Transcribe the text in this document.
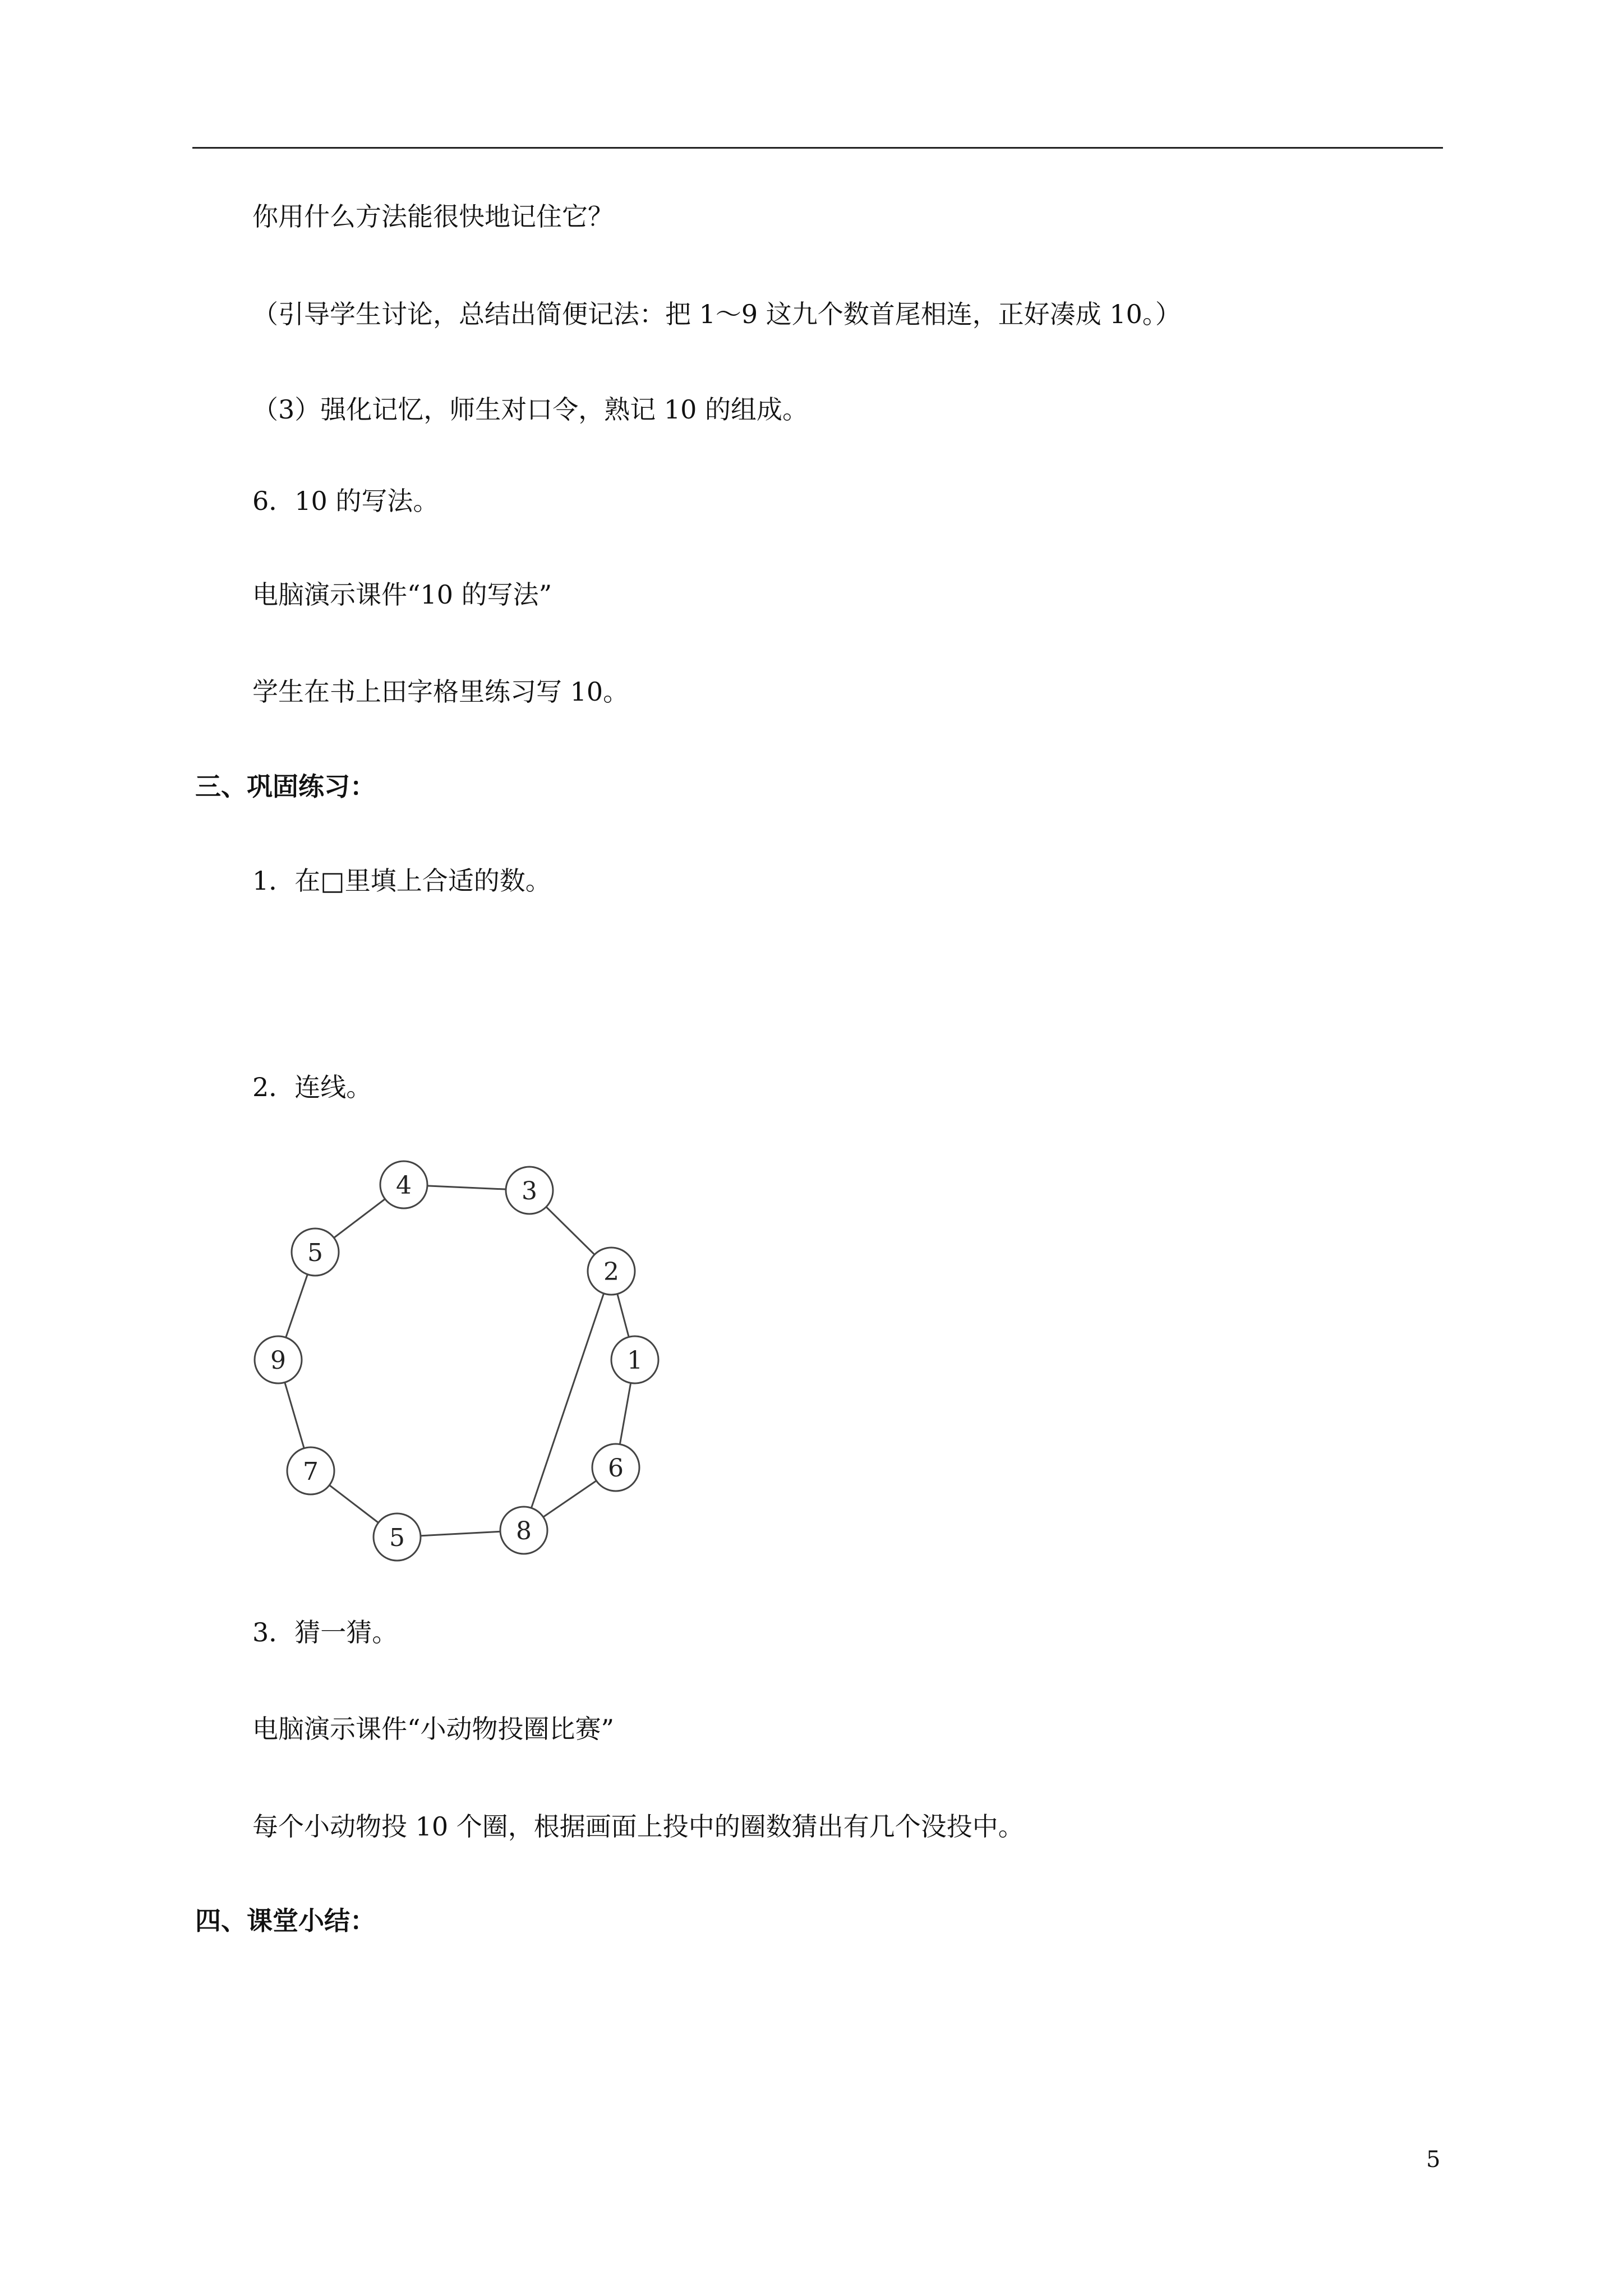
你用什么方法能很快地记住它？
（引导学生讨论，总结出简便记法：把 1～9 这九个数首尾相连，正好凑成 10。）
（3）强化记忆，师生对口令，熟记 10 的组成。
6．10 的写法。
电脑演示课件“10 的写法”
学生在书上田字格里练习写 10。
三、巩固练习：
1．在□里填上合适的数。
2．连线。
4	3
2
1
6
8
5
7
9
5
3．猜一猜。
电脑演示课件“小动物投圈比赛”
每个小动物投 10 个圈，根据画面上投中的圈数猜出有几个没投中。
四、课堂小结：
5
